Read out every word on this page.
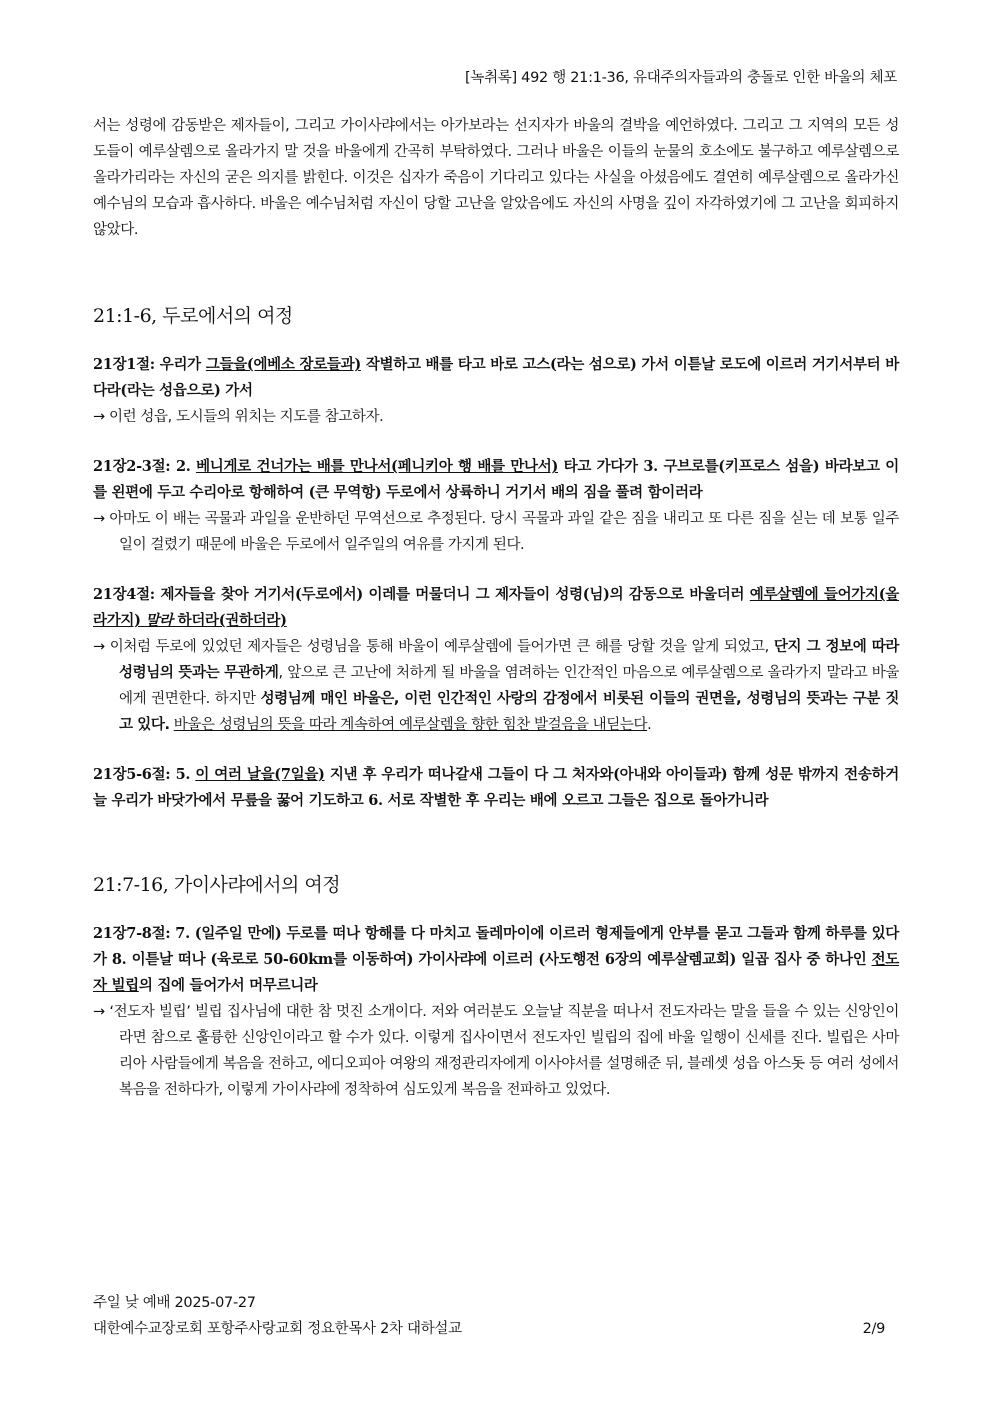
[녹취록] 492 행 21:1-36, 유대주의자들과의 충돌로 인한 바울의 체포

서는 성령에 감동받은 제자들이, 그리고 가이사랴에서는 아가보라는 선지자가 바울의 결박을 예언하였다. 그리고 그 지역의 모든 성도들이 예루살렘으로 올라가지 말 것을 바울에게 간곡히 부탁하였다. 그러나 바울은 이들의 눈물의 호소에도 불구하고 예루살렘으로 올라가리라는 자신의 굳은 의지를 밝힌다. 이것은 십자가 죽음이 기다리고 있다는 사실을 아셨음에도 결연히 예루살렘으로 올라가신 예수님의 모습과 흡사하다. 바울은 예수님처럼 자신이 당할 고난을 알았음에도 자신의 사명을 깊이 자각하였기에 그 고난을 회피하지 않았다.

21:1-6, 두로에서의 여정

21장1절: 우리가 그들을(에베소 장로들과) 작별하고 배를 타고 바로 고스(라는 섬으로) 가서 이튿날 로도에 이르러 거기서부터 바다라(라는 성읍으로) 가서

→ 이런 성읍, 도시들의 위치는 지도를 참고하자.

21장2-3절: 2. 베니게로 건너가는 배를 만나서(페니키아 행 배를 만나서) 타고 가다가 3. 구브로를(키프로스 섬을) 바라보고 이를 왼편에 두고 수리아로 항해하여 (큰 무역항) 두로에서 상륙하니 거기서 배의 짐을 풀려 함이러라

→ 아마도 이 배는 곡물과 과일을 운반하던 무역선으로 추정된다. 당시 곡물과 과일 같은 짐을 내리고 또 다른 짐을 싣는 데 보통 일주일이 걸렸기 때문에 바울은 두로에서 일주일의 여유를 가지게 된다.

21장4절: 제자들을 찾아 거기서(두로에서) 이레를 머물더니 그 제자들이 성령(님)의 감동으로 바울더러 예루살렘에 들어가지(올라가지) 말라 하더라(권하더라)

→ 이처럼 두로에 있었던 제자들은 성령님을 통해 바울이 예루살렘에 들어가면 큰 해를 당할 것을 알게 되었고, 단지 그 정보에 따라 성령님의 뜻과는 무관하게, 앞으로 큰 고난에 처하게 될 바울을 염려하는 인간적인 마음으로 예루살렘으로 올라가지 말라고 바울에게 권면한다. 하지만 성령님께 매인 바울은, 이런 인간적인 사랑의 감정에서 비롯된 이들의 권면을, 성령님의 뜻과는 구분 짓고 있다. 바울은 성령님의 뜻을 따라 계속하여 예루살렘을 향한 힘찬 발걸음을 내딛는다.

21장5-6절: 5. 이 여러 날을(7일을) 지낸 후 우리가 떠나갈새 그들이 다 그 처자와(아내와 아이들과) 함께 성문 밖까지 전송하거늘 우리가 바닷가에서 무릎을 꿇어 기도하고 6. 서로 작별한 후 우리는 배에 오르고 그들은 집으로 돌아가니라

21:7-16, 가이사랴에서의 여정

21장7-8절: 7. (일주일 만에) 두로를 떠나 항해를 다 마치고 돌레마이에 이르러 형제들에게 안부를 묻고 그들과 함께 하루를 있다가 8. 이튿날 떠나 (육로로 50-60km를 이동하여) 가이사랴에 이르러 (사도행전 6장의 예루살렘교회) 일곱 집사 중 하나인 전도자 빌립의 집에 들어가서 머무르니라

→ ‘전도자 빌립’ 빌립 집사님에 대한 참 멋진 소개이다. 저와 여러분도 오늘날 직분을 떠나서 전도자라는 말을 들을 수 있는 신앙인이라면 참으로 훌륭한 신앙인이라고 할 수가 있다. 이렇게 집사이면서 전도자인 빌립의 집에 바울 일행이 신세를 진다. 빌립은 사마리아 사람들에게 복음을 전하고, 에디오피아 여왕의 재정관리자에게 이사야서를 설명해준 뒤, 블레셋 성읍 아스돗 등 여러 성에서 복음을 전하다가, 이렇게 가이사랴에 정착하여 심도있게 복음을 전파하고 있었다.

주일 낮 예배 2025-07-27
대한예수교장로회 포항주사랑교회 정요한목사 2차 대하설교	2/9
